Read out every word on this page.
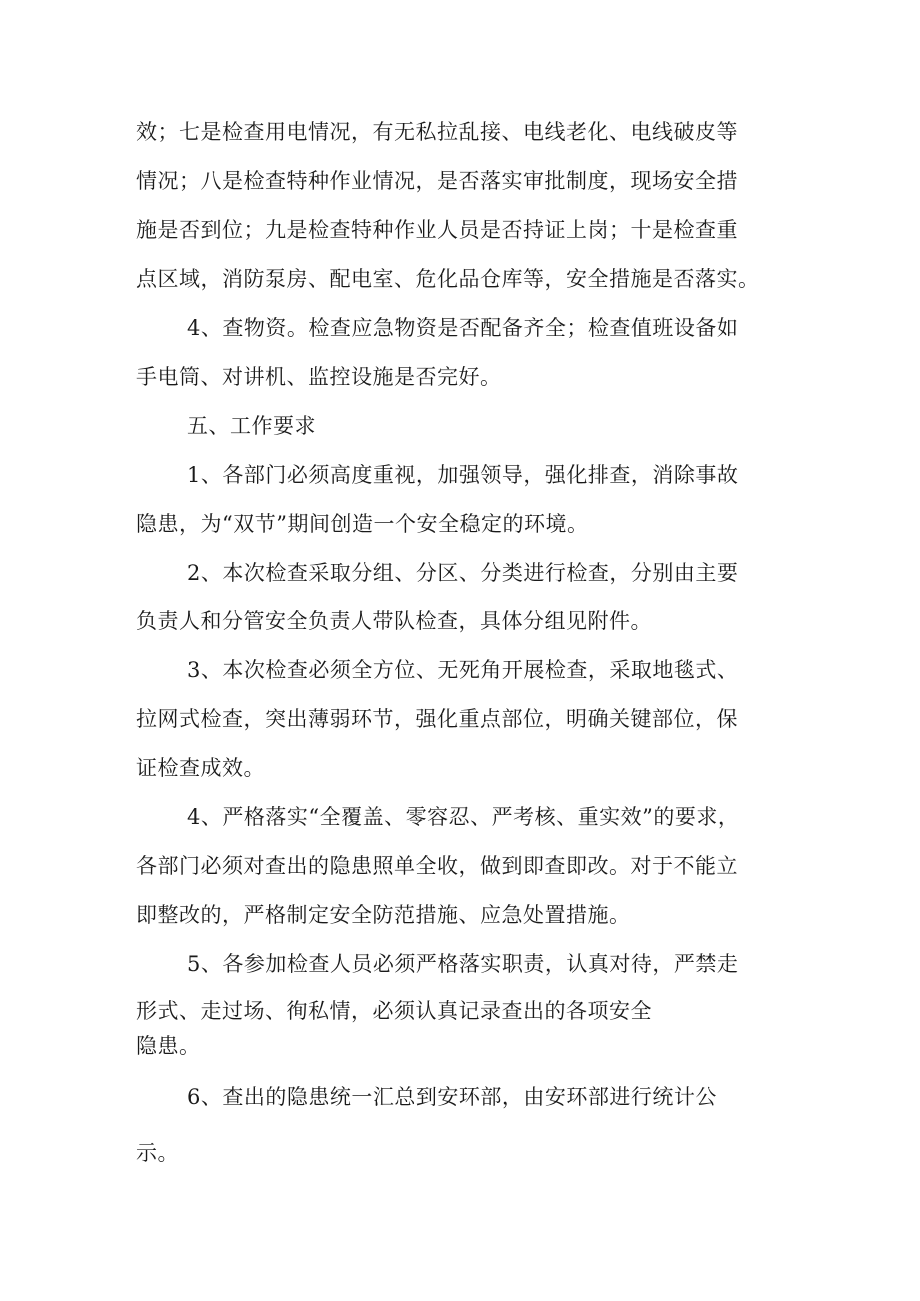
效；七是检查用电情况，有无私拉乱接、电线老化、电线破皮等
情况；八是检查特种作业情况，是否落实审批制度，现场安全措
施是否到位；九是检查特种作业人员是否持证上岗；十是检查重
点区域，消防泵房、配电室、危化品仓库等，安全措施是否落实。
4、查物资。检查应急物资是否配备齐全；检查值班设备如
手电筒、对讲机、监控设施是否完好。
五、工作要求
1、各部门必须高度重视，加强领导，强化排查，消除事故
隐患，为“双节”期间创造一个安全稳定的环境。
2、本次检查采取分组、分区、分类进行检查，分别由主要
负责人和分管安全负责人带队检查，具体分组见附件。
3、本次检查必须全方位、无死角开展检查，采取地毯式、
拉网式检查，突出薄弱环节，强化重点部位，明确关键部位，保
证检查成效。
4、严格落实“全覆盖、零容忍、严考核、重实效”的要求，
各部门必须对查出的隐患照单全收，做到即查即改。对于不能立
即整改的，严格制定安全防范措施、应急处置措施。
5、各参加检查人员必须严格落实职责，认真对待，严禁走
形式、走过场、徇私情，必须认真记录查出的各项安全
隐患。
6、查出的隐患统一汇总到安环部，由安环部进行统计公
示。
